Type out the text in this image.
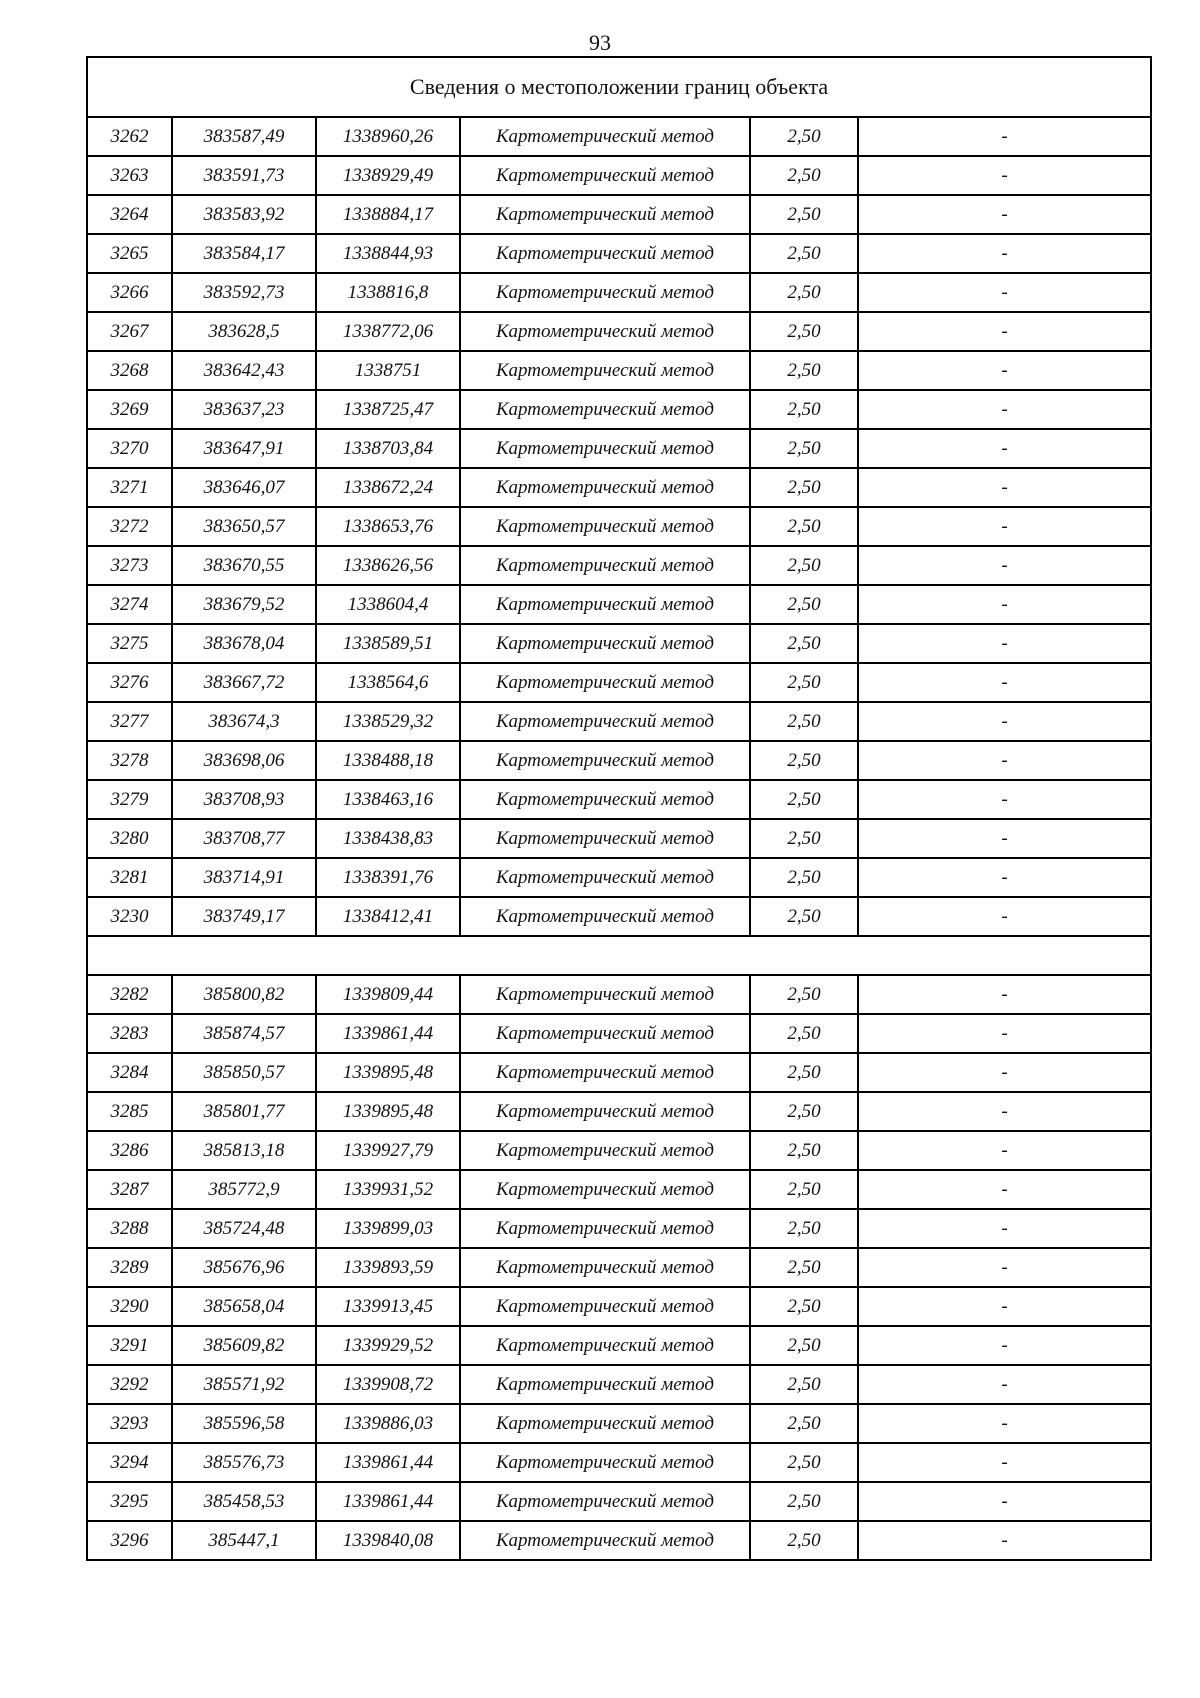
93
Сведения о местоположении границ объекта					
3262	383587,49	1338960,26	Картометрический метод	2,50	-
3263	383591,73	1338929,49	Картометрический метод	2,50	-
3264	383583,92	1338884,17	Картометрический метод	2,50	-
3265	383584,17	1338844,93	Картометрический метод	2,50	-
3266	383592,73	1338816,8	Картометрический метод	2,50	-
3267	383628,5	1338772,06	Картометрический метод	2,50	-
3268	383642,43	1338751	Картометрический метод	2,50	-
3269	383637,23	1338725,47	Картометрический метод	2,50	-
3270	383647,91	1338703,84	Картометрический метод	2,50	-
3271	383646,07	1338672,24	Картометрический метод	2,50	-
3272	383650,57	1338653,76	Картометрический метод	2,50	-
3273	383670,55	1338626,56	Картометрический метод	2,50	-
3274	383679,52	1338604,4	Картометрический метод	2,50	-
3275	383678,04	1338589,51	Картометрический метод	2,50	-
3276	383667,72	1338564,6	Картометрический метод	2,50	-
3277	383674,3	1338529,32	Картометрический метод	2,50	-
3278	383698,06	1338488,18	Картометрический метод	2,50	-
3279	383708,93	1338463,16	Картометрический метод	2,50	-
3280	383708,77	1338438,83	Картометрический метод	2,50	-
3281	383714,91	1338391,76	Картометрический метод	2,50	-
3230	383749,17	1338412,41	Картометрический метод	2,50	-

3282	385800,82	1339809,44	Картометрический метод	2,50	-
3283	385874,57	1339861,44	Картометрический метод	2,50	-
3284	385850,57	1339895,48	Картометрический метод	2,50	-
3285	385801,77	1339895,48	Картометрический метод	2,50	-
3286	385813,18	1339927,79	Картометрический метод	2,50	-
3287	385772,9	1339931,52	Картометрический метод	2,50	-
3288	385724,48	1339899,03	Картометрический метод	2,50	-
3289	385676,96	1339893,59	Картометрический метод	2,50	-
3290	385658,04	1339913,45	Картометрический метод	2,50	-
3291	385609,82	1339929,52	Картометрический метод	2,50	-
3292	385571,92	1339908,72	Картометрический метод	2,50	-
3293	385596,58	1339886,03	Картометрический метод	2,50	-
3294	385576,73	1339861,44	Картометрический метод	2,50	-
3295	385458,53	1339861,44	Картометрический метод	2,50	-
3296	385447,1	1339840,08	Картометрический метод	2,50	-
